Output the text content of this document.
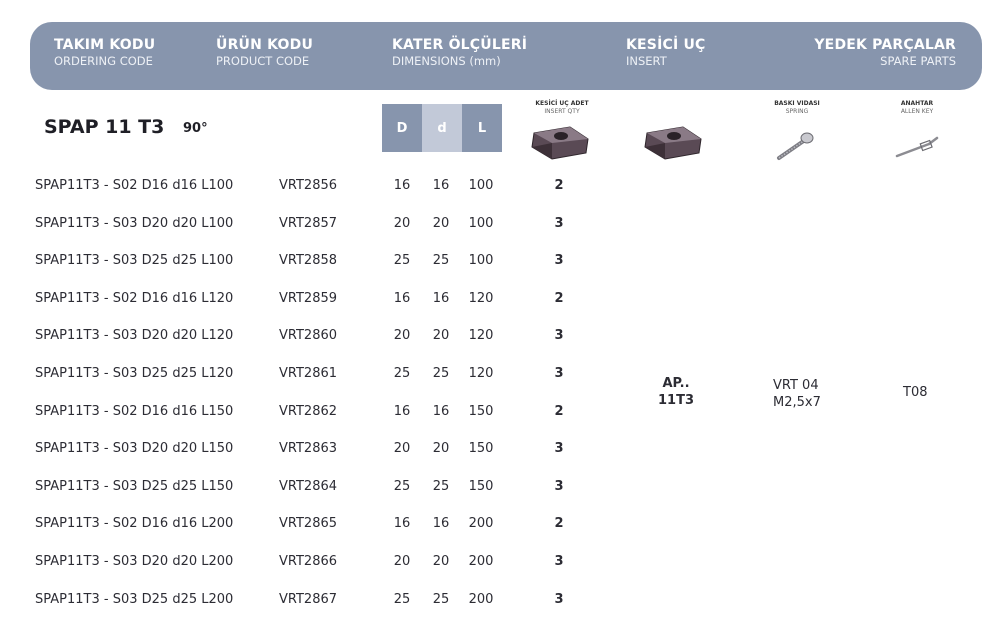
TAKIM KODU
ORDERING CODE
ÜRÜN KODU
PRODUCT CODE
KATER ÖLÇÜLERİ
DIMENSIONS (mm)
KESİCİ UÇ
INSERT
YEDEK PARÇALAR
SPARE PARTS
SPAP 11 T3 90°	D	d	L
KESİCİ UÇ ADET
INSERT QTY
BASKI VIDASI
SPRING
ANAHTAR
ALLEN KEY
SPAP11T3 - S02 D16 d16 L100	VRT2856	16 16 100	2
SPAP11T3 - S03 D20 d20 L100	VRT2857	20 20 100	3
SPAP11T3 - S03 D25 d25 L100	VRT2858	25 25 100	3
SPAP11T3 - S02 D16 d16 L120	VRT2859	16 16 120	2
SPAP11T3 - S03 D20 d20 L120	VRT2860	20 20 120	3
SPAP11T3 - S03 D25 d25 L120	VRT2861	25 25 120	3
SPAP11T3 - S02 D16 d16 L150	VRT2862	16 16 150	2
SPAP11T3 - S03 D20 d20 L150	VRT2863	20 20 150	3
SPAP11T3 - S03 D25 d25 L150	VRT2864	25 25 150	3
SPAP11T3 - S02 D16 d16 L200	VRT2865	16 16 200	2
SPAP11T3 - S03 D20 d20 L200	VRT2866	20 20 200	3
SPAP11T3 - S03 D25 d25 L200	VRT2867	25 25 200	3
AP..
11T3
VRT 04
M2,5x7
T08
